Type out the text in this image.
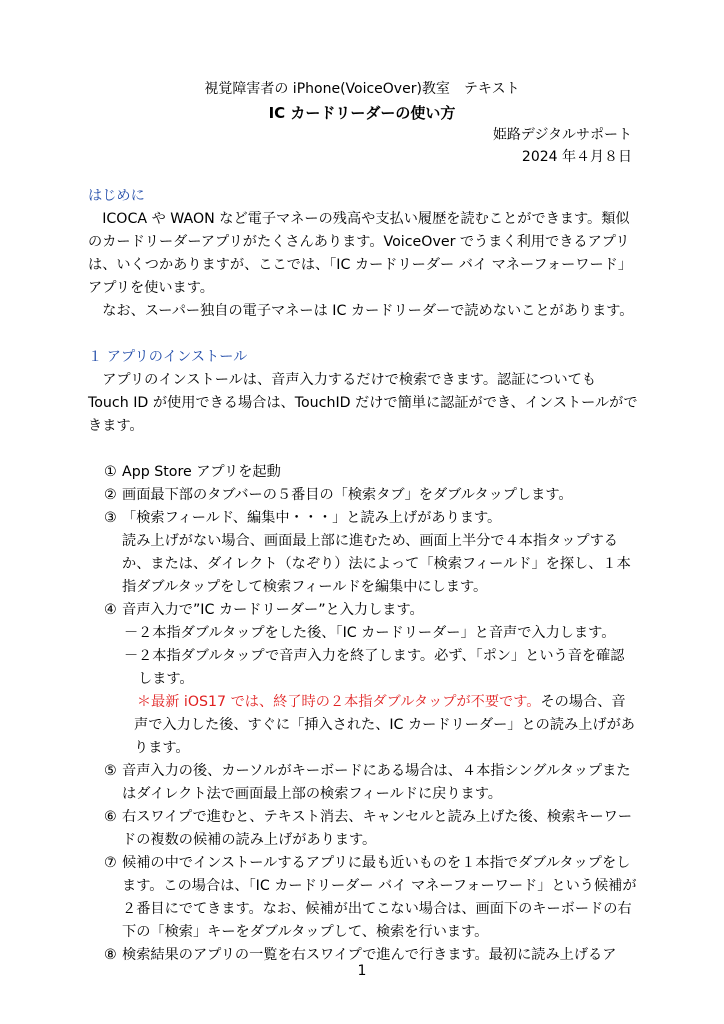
視覚障害者の iPhone(VoiceOver)教室　テキスト
IC カードリーダーの使い方
姫路デジタルサポート
2024 年４月８日

はじめに

ICOCA や WAON など電子マネーの残高や支払い履歴を読むことができます。類似のカードリーダーアプリがたくさんあります。VoiceOver でうまく利用できるアプリは、いくつかありますが、ここでは、「IC カードリーダー バイ マネーフォーワード」アプリを使います。

なお、スーパー独自の電子マネーは IC カードリーダーで読めないことがあります。

１ アプリのインストール

アプリのインストールは、音声入力するだけで検索できます。認証についても Touch ID が使用できる場合は、TouchID だけで簡単に認証ができ、インストールができます。

① App Store アプリを起動
② 画面最下部のタブバーの５番目の「検索タブ」をダブルタップします。
③ 「検索フィールド、編集中・・・」と読み上げがあります。
読み上げがない場合、画面最上部に進むため、画面上半分で４本指タップするか、または、ダイレクト（なぞり）法によって「検索フィールド」を探し、１本指ダブルタップをして検索フィールドを編集中にします。
④ 音声入力で”IC カードリーダー”と入力します。
－ ２本指ダブルタップをした後、「IC カードリーダー」と音声で入力します。
－ ２本指ダブルタップで音声入力を終了します。必ず、「ポン」という音を確認します。
＊最新 iOS17 では、終了時の２本指ダブルタップが不要です。その場合、音声で入力した後、すぐに「挿入された、IC カードリーダー」との読み上げがあります。
⑤ 音声入力の後、カーソルがキーボードにある場合は、４本指シングルタップまたはダイレクト法で画面最上部の検索フィールドに戻ります。
⑥ 右スワイプで進むと、テキスト消去、キャンセルと読み上げた後、検索キーワードの複数の候補の読み上げがあります。
⑦ 候補の中でインストールするアプリに最も近いものを１本指でダブルタップをします。この場合は、「IC カードリーダー バイ マネーフォーワード」という候補が２番目にでてきます。なお、候補が出てこない場合は、画面下のキーボードの右下の「検索」キーをダブルタップして、検索を行います。
⑧ 検索結果のアプリの一覧を右スワイプで進んで行きます。最初に読み上げるア
1
